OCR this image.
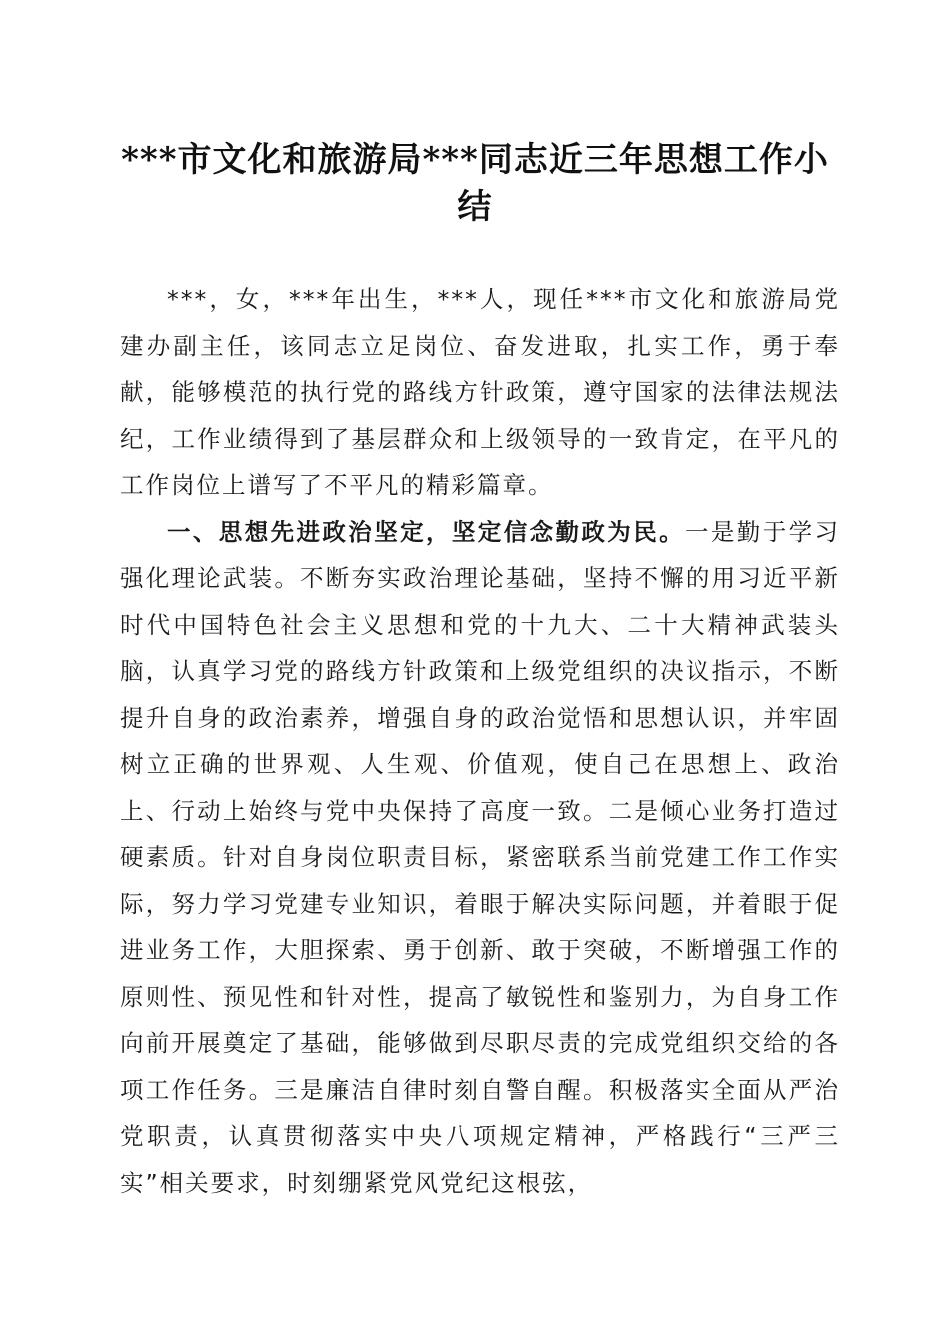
***市文化和旅游局***同志近三年思想工作小
结

***，女，***年出生，***人，现任***市文化和旅游局党建办副主任，该同志立足岗位、奋发进取，扎实工作，勇于奉献，能够模范的执行党的路线方针政策，遵守国家的法律法规法纪，工作业绩得到了基层群众和上级领导的一致肯定，在平凡的工作岗位上谱写了不平凡的精彩篇章。

一、思想先进政治坚定，坚定信念勤政为民。一是勤于学习强化理论武装。不断夯实政治理论基础，坚持不懈的用习近平新时代中国特色社会主义思想和党的十九大、二十大精神武装头脑，认真学习党的路线方针政策和上级党组织的决议指示，不断提升自身的政治素养，增强自身的政治觉悟和思想认识，并牢固树立正确的世界观、人生观、价值观，使自己在思想上、政治上、行动上始终与党中央保持了高度一致。二是倾心业务打造过硬素质。针对自身岗位职责目标，紧密联系当前党建工作工作实际，努力学习党建专业知识，着眼于解决实际问题，并着眼于促进业务工作，大胆探索、勇于创新、敢于突破，不断增强工作的原则性、预见性和针对性，提高了敏锐性和鉴别力，为自身工作向前开展奠定了基础，能够做到尽职尽责的完成党组织交给的各项工作任务。三是廉洁自律时刻自警自醒。积极落实全面从严治党职责，认真贯彻落实中央八项规定精神，严格践行“三严三实”相关要求，时刻绷紧党风党纪这根弦，
